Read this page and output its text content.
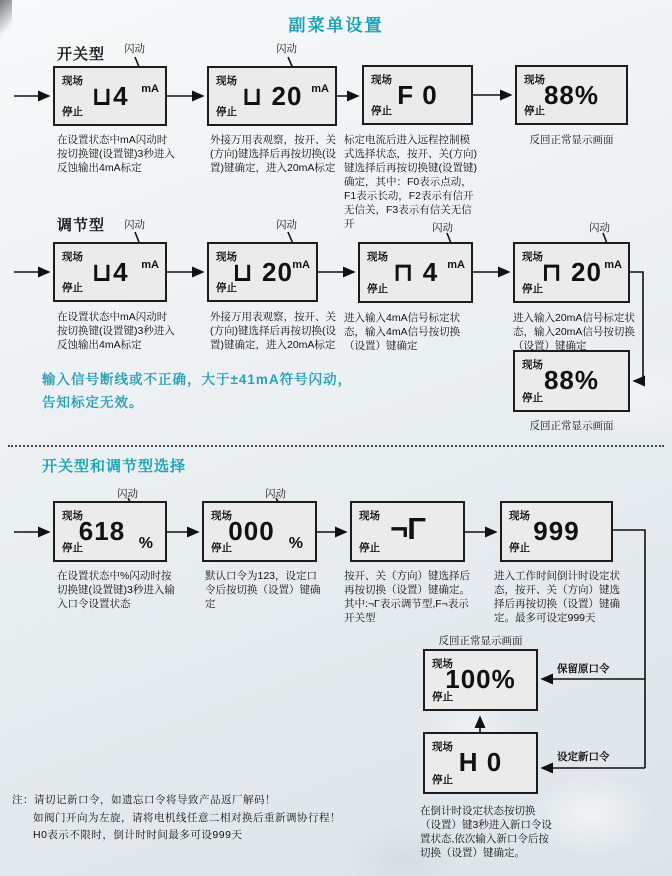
副菜单设置
开关型 闪动	闪动
现场
停止
⊔4	mA
现场
停止
⊔ 20 mA
现场
停止
F 0	现场
停止
88%
在设置状态中mA闪动时按切换键(设置键)3秒进入反蚀输出4mA标定
外接万用表观察，按开、关(方向)键选择后再按切换(设置)键确定，进入20mA标定
标定电流后进入远程控制模式选择状态，按开、关(方向)键选择后再按切换键(设置键)确定，其中：F0表示点动，F1表示长动，F2表示有信开无信关，F3表示有信关无信开
反回正常显示画面
调节型 闪动	闪动	闪动	闪动
现场
停止
⊔4	mA
现场
停止
⊔ 20 mA
现场
停止
⊓ 4 mA
现场
停止
⊓ 20 mA
现场
停止
88%
在设置状态中mA闪动时按切换键(设置键)3秒进入反蚀输出4mA标定
外接万用表观察，按开、关(方向)键选择后再按切换(设置)键确定，进入20mA标定
进入输入4mA信号标定状态，输入4mA信号按切换（设置）键确定
进入输入20mA信号标定状态，输入20mA信号按切换（设置）键确定
反回正常显示画面
输入信号断线或不正确，大于±41mA符号闪动，
告知标定无效。
开关型和调节型选择
闪动	闪动
现场
停止
618 %
现场
停止
000 %
现场
停止
¬Γ	现场
停止
999
在设置状态中%闪动时按切换键(设置键)3秒进入输入口令设置状态
默认口令为123，设定口令后按切换（设置）键确定
按开、关（方向）键选择后再按切换（设置）键确定。其中:¬Γ表示调节型,F¬表示开关型
进入工作时间倒计时设定状态，按开、关（方向）键选择后再按切换（设置）键确定。最多可设定999天
反回正常显示画面
现场
停止
100%
现场
停止
H 0
保留原口令
设定新口令
在倒计时设定状态按切换（设置）键3秒进入新口令设置状态,依次输入新口令后按切换（设置）键确定。
注：请切记新口令，如遗忘口令将导致产品返厂解码！
如阀门开向为左旋，请将电机线任意二相对换后重新调协行程！
H0表示不限时，倒计时时间最多可设999天
